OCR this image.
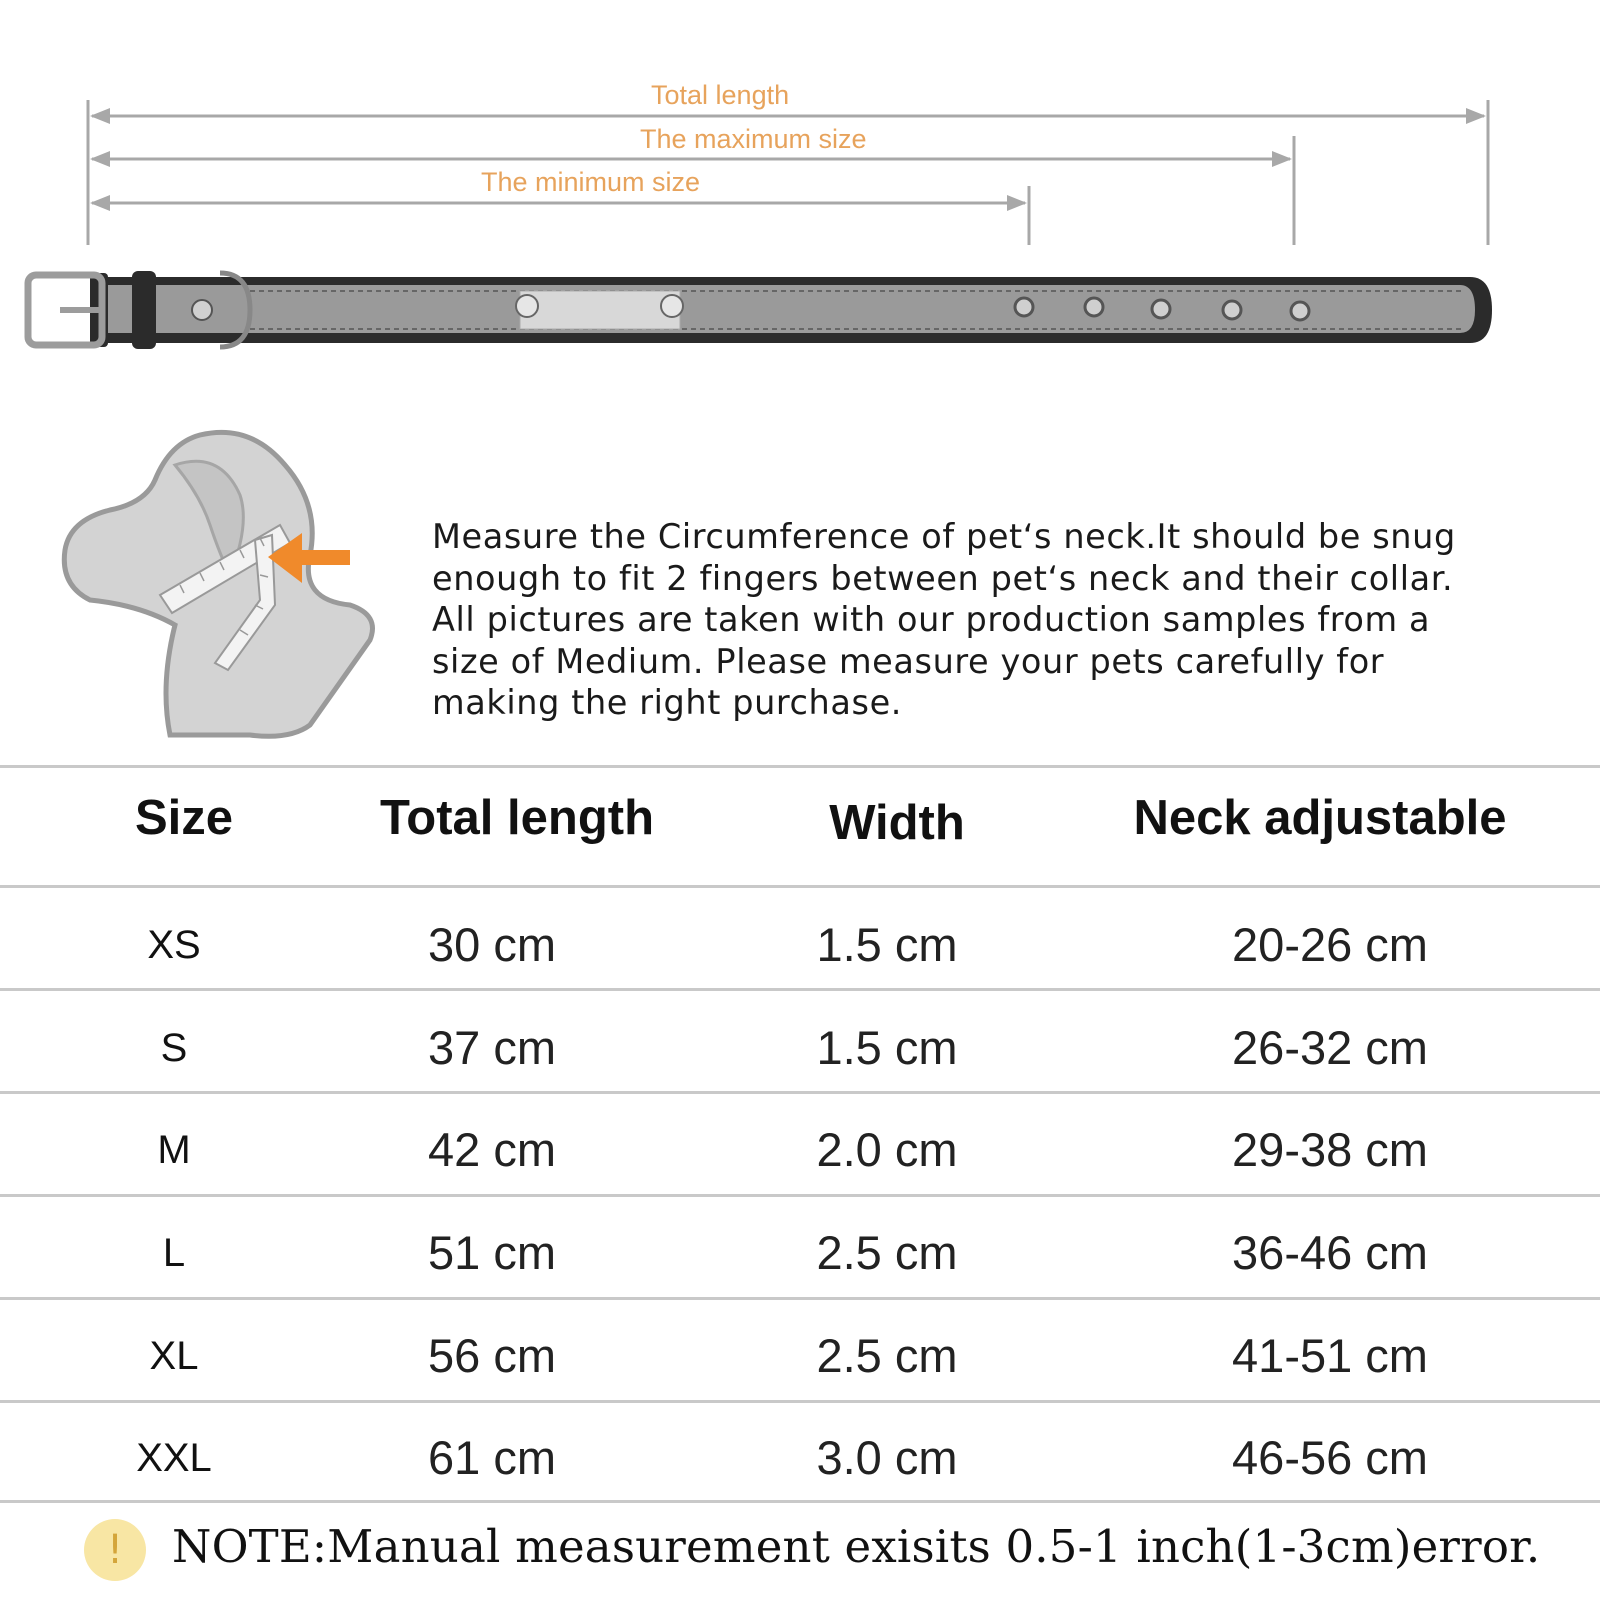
Total length
The maximum size
The minimum size
Measure the Circumference of pet‘s neck.It should be snug
enough to fit 2 fingers between pet‘s neck and their collar.
All pictures are taken with our production samples from a
size of Medium. Please measure your pets carefully for
making the right purchase.
Size	Total length	Width	Neck adjustable
XS	30 cm	1.5 cm	20-26 cm
S	37 cm	1.5 cm	26-32 cm
M	42 cm	2.0 cm	29-38 cm
L	51 cm	2.5 cm	36-46 cm
XL	56 cm	2.5 cm	41-51 cm
XXL	61 cm	3.0 cm	46-56 cm
!	NOTE:Manual measurement exisits 0.5-1 inch(1-3cm)error.
